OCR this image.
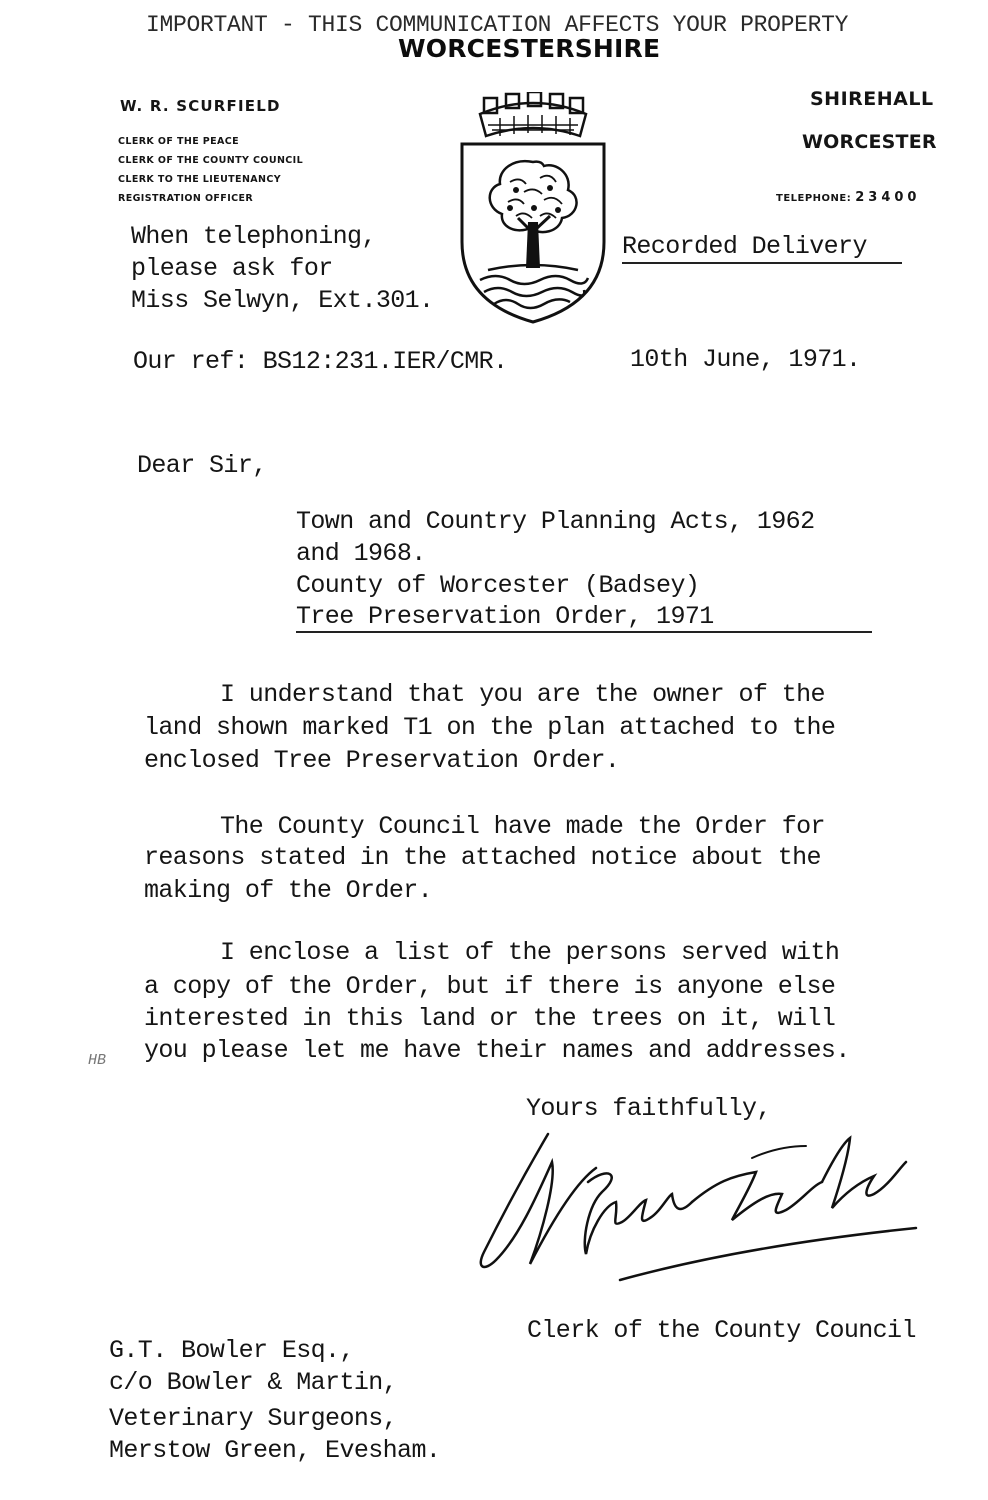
IMPORTANT - THIS COMMUNICATION AFFECTS YOUR PROPERTY
WORCESTERSHIRE
W. R. SCURFIELD
CLERK OF THE PEACE
CLERK OF THE COUNTY COUNCIL
CLERK TO THE LIEUTENANCY
REGISTRATION OFFICER
SHIREHALL
WORCESTER
TELEPHONE: 23400
When telephoning,
please ask for
Miss Selwyn, Ext.301.
Recorded Delivery
Our ref: BS12:231.IER/CMR.	10th June, 1971.
Dear Sir,
Town and Country Planning Acts, 1962
and 1968.
County of Worcester (Badsey)
Tree Preservation Order, 1971
I understand that you are the owner of the
land shown marked T1 on the plan attached to the
enclosed Tree Preservation Order.
The County Council have made the Order for
reasons stated in the attached notice about the
making of the Order.
I enclose a list of the persons served with
a copy of the Order, but if there is anyone else
interested in this land or the trees on it, will
you please let me have their names and addresses.
HB
Yours faithfully,
Clerk of the County Council
G.T. Bowler Esq.,
c/o Bowler & Martin,
Veterinary Surgeons,
Merstow Green, Evesham.
